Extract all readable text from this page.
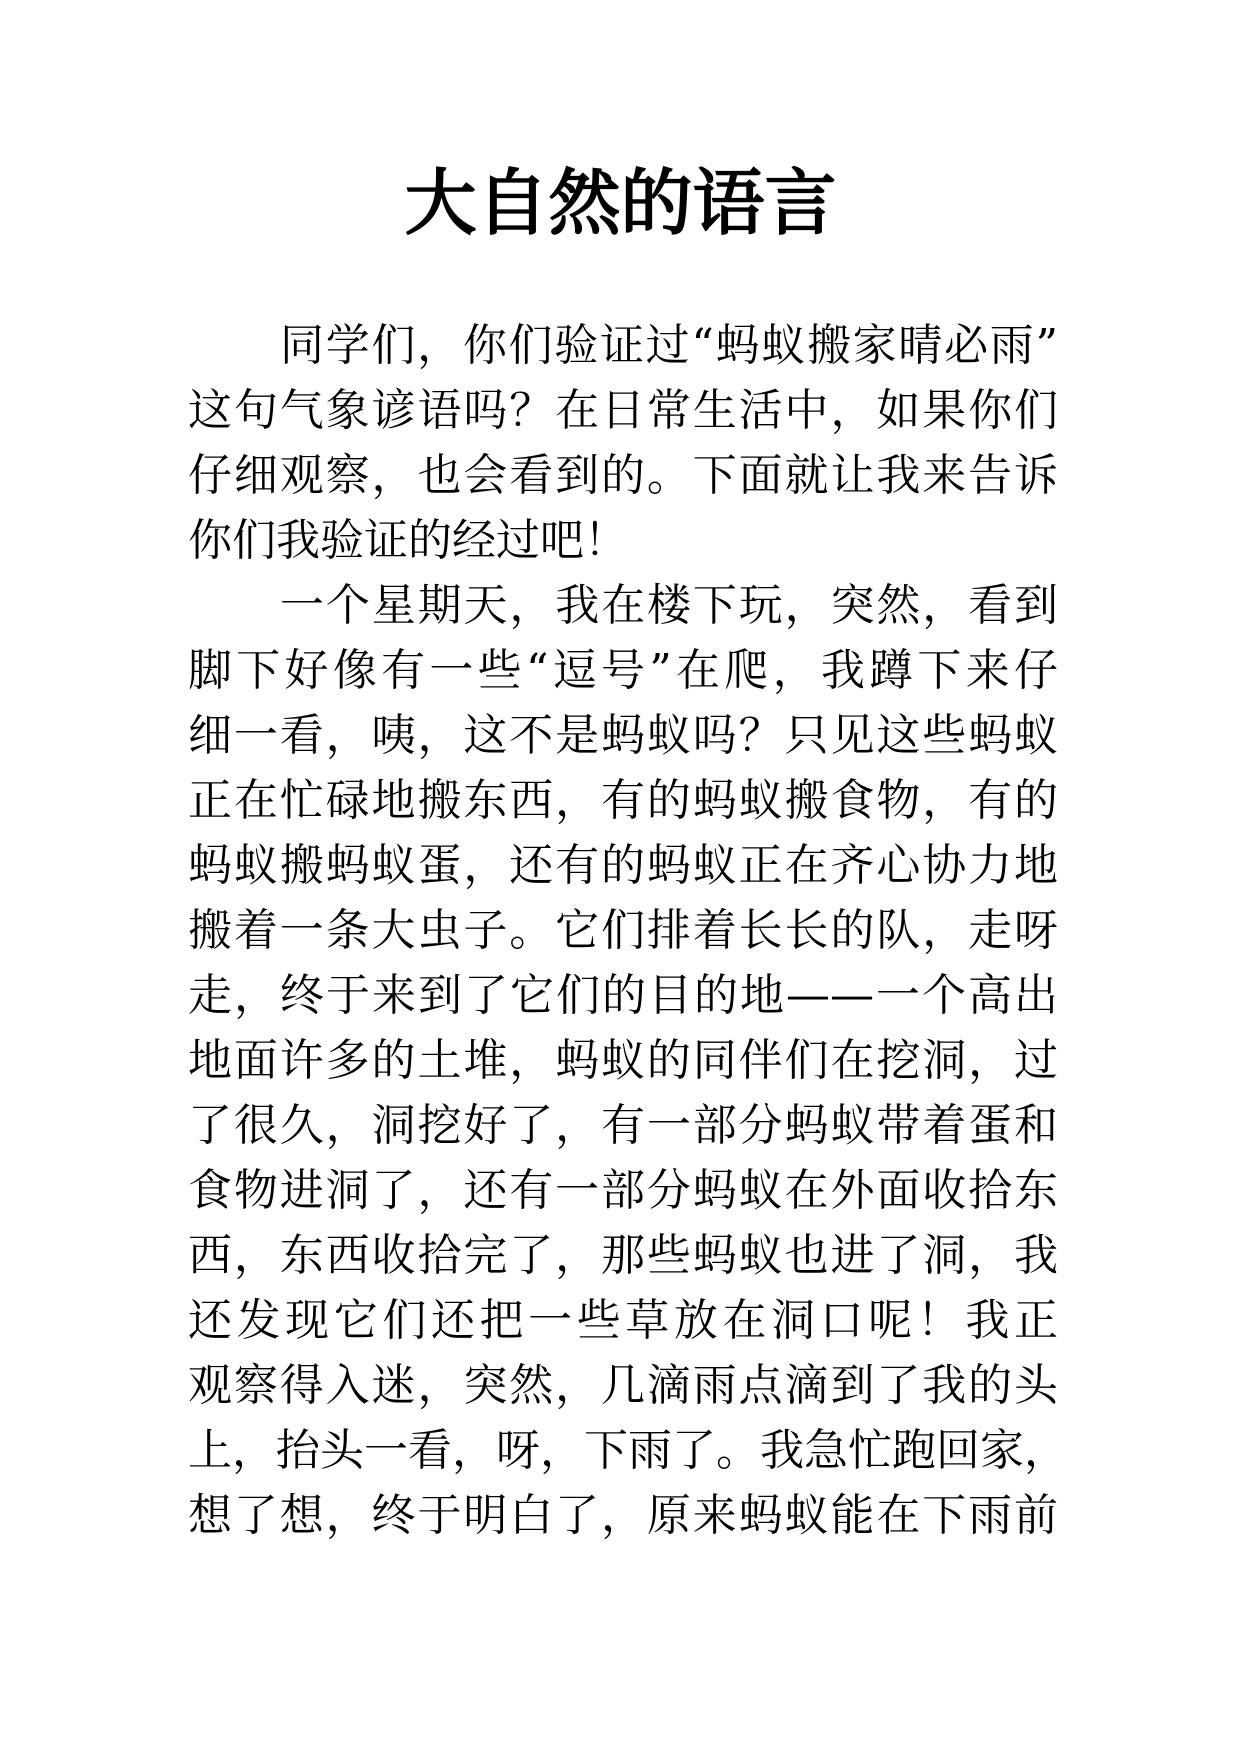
大自然的语言
同学们，你们验证过“蚂蚁搬家晴必雨”
这句气象谚语吗？在日常生活中，如果你们
仔细观察，也会看到的。下面就让我来告诉
你们我验证的经过吧！
一个星期天，我在楼下玩，突然，看到
脚下好像有一些“逗号”在爬，我蹲下来仔
细一看，咦，这不是蚂蚁吗？只见这些蚂蚁
正在忙碌地搬东西，有的蚂蚁搬食物，有的
蚂蚁搬蚂蚁蛋，还有的蚂蚁正在齐心协力地
搬着一条大虫子。它们排着长长的队，走呀
走，终于来到了它们的目的地——一个高出
地面许多的土堆，蚂蚁的同伴们在挖洞，过
了很久，洞挖好了，有一部分蚂蚁带着蛋和
食物进洞了，还有一部分蚂蚁在外面收拾东
西，东西收拾完了，那些蚂蚁也进了洞，我
还发现它们还把一些草放在洞口呢！我正
观察得入迷，突然，几滴雨点滴到了我的头
上，抬头一看，呀，下雨了。我急忙跑回家，
想了想，终于明白了，原来蚂蚁能在下雨前
